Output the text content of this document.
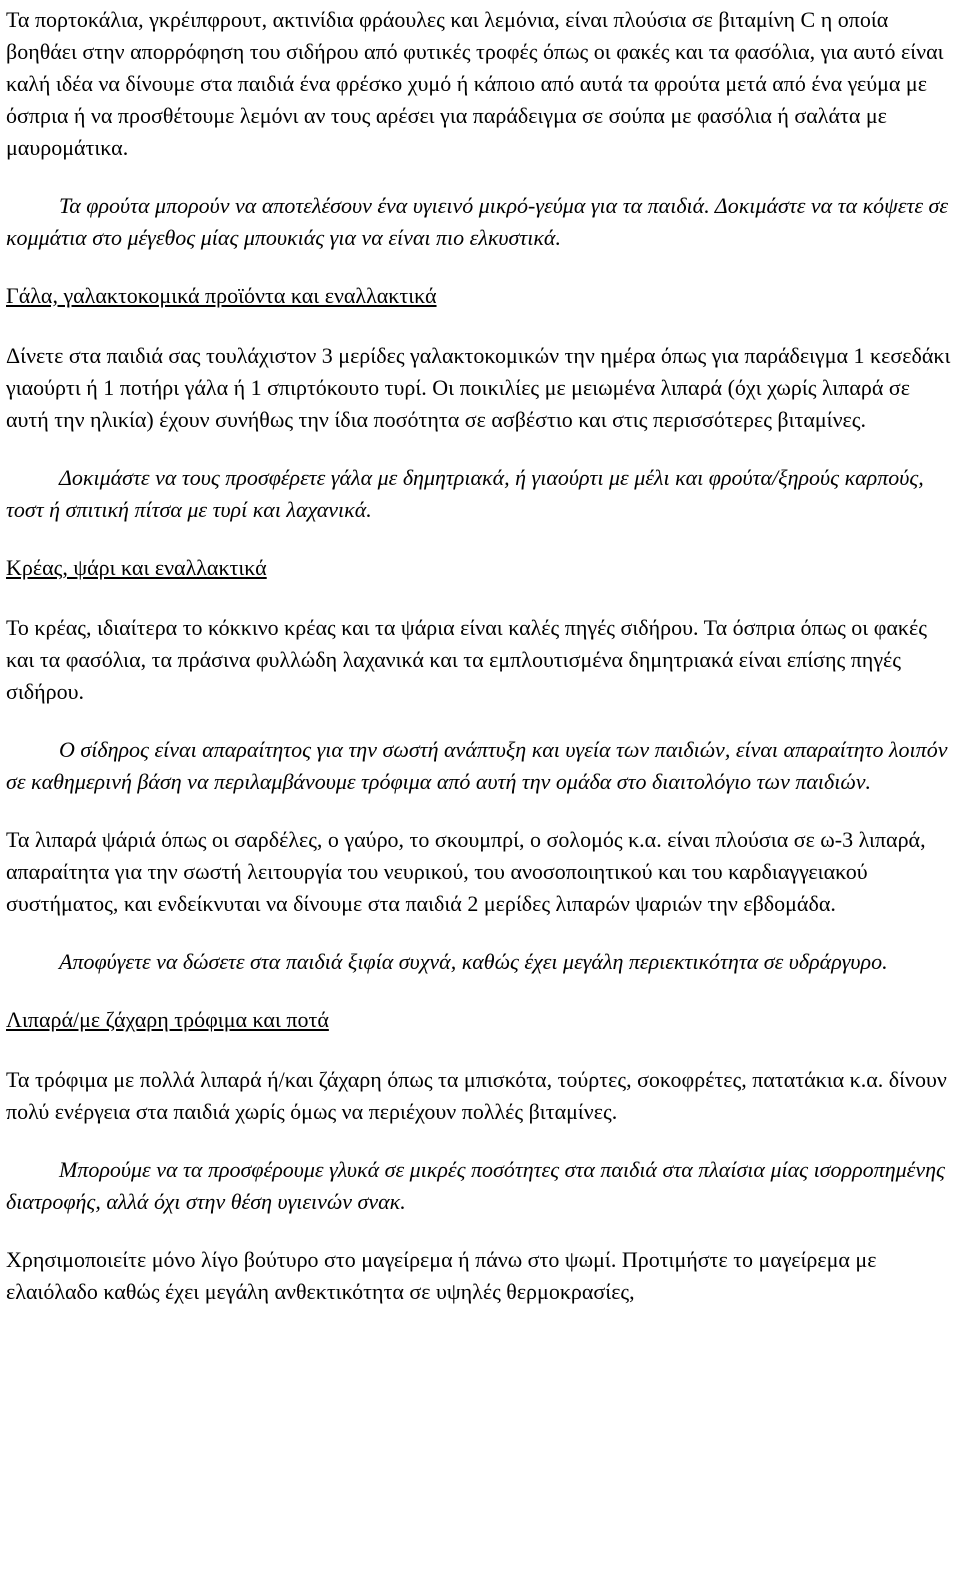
Τα πορτοκάλια, γκρέιπφρουτ, ακτινίδια φράουλες και λεμόνια, είναι πλούσια σε βιταμίνη C η οποία βοηθάει στην απορρόφηση του σιδήρου από φυτικές τροφές όπως οι φακές και τα φασόλια, για αυτό είναι καλή ιδέα να δίνουμε στα παιδιά ένα φρέσκο χυμό ή κάποιο από αυτά τα φρούτα μετά από ένα γεύμα με όσπρια ή να προσθέτουμε λεμόνι αν τους αρέσει για παράδειγμα σε σούπα με φασόλια ή σαλάτα με μαυρομάτικα.

Τα φρούτα μπορούν να αποτελέσουν ένα υγιεινό μικρό-γεύμα για τα παιδιά. Δοκιμάστε να τα κόψετε σε κομμάτια στο μέγεθος μίας μπουκιάς για να είναι πιο ελκυστικά.

Γάλα, γαλακτοκομικά προϊόντα και εναλλακτικά

Δίνετε στα παιδιά σας τουλάχιστον 3 μερίδες γαλακτοκομικών την ημέρα όπως για παράδειγμα 1 κεσεδάκι γιαούρτι ή 1 ποτήρι γάλα ή 1 σπιρτόκουτο τυρί. Οι ποικιλίες με μειωμένα λιπαρά (όχι χωρίς λιπαρά σε αυτή την ηλικία) έχουν συνήθως την ίδια ποσότητα σε ασβέστιο και στις περισσότερες βιταμίνες.

Δοκιμάστε να τους προσφέρετε γάλα με δημητριακά, ή γιαούρτι με μέλι και φρούτα/ξηρούς καρπούς, τοστ ή σπιτική πίτσα με τυρί και λαχανικά.

Κρέας, ψάρι και εναλλακτικά

Το κρέας, ιδιαίτερα το κόκκινο κρέας και τα ψάρια είναι καλές πηγές σιδήρου. Τα όσπρια όπως οι φακές και τα φασόλια, τα πράσινα φυλλώδη λαχανικά και τα εμπλουτισμένα δημητριακά είναι επίσης πηγές σιδήρου.

Ο σίδηρος είναι απαραίτητος για την σωστή ανάπτυξη και υγεία των παιδιών, είναι απαραίτητο λοιπόν σε καθημερινή βάση να περιλαμβάνουμε τρόφιμα από αυτή την ομάδα στο διαιτολόγιο των παιδιών.

Τα λιπαρά ψάριά όπως οι σαρδέλες, ο γαύρο, το σκουμπρί, ο σολομός κ.α. είναι πλούσια σε ω-3 λιπαρά, απαραίτητα για την σωστή λειτουργία του νευρικού, του ανοσοποιητικού και του καρδιαγγειακού συστήματος, και ενδείκνυται να δίνουμε στα παιδιά 2 μερίδες λιπαρών ψαριών την εβδομάδα.

Αποφύγετε να δώσετε στα παιδιά ξιφία συχνά, καθώς έχει μεγάλη περιεκτικότητα σε υδράργυρο.

Λιπαρά/με ζάχαρη τρόφιμα και ποτά

Τα τρόφιμα με πολλά λιπαρά ή/και ζάχαρη όπως τα μπισκότα, τούρτες, σοκοφρέτες, πατατάκια κ.α. δίνουν πολύ ενέργεια στα παιδιά χωρίς όμως να περιέχουν πολλές βιταμίνες.

Μπορούμε να τα προσφέρουμε γλυκά σε μικρές ποσότητες στα παιδιά στα πλαίσια μίας ισορροπημένης διατροφής, αλλά όχι στην θέση υγιεινών σνακ.

Χρησιμοποιείτε μόνο λίγο βούτυρο στο μαγείρεμα ή πάνω στο ψωμί. Προτιμήστε το μαγείρεμα με ελαιόλαδο καθώς έχει μεγάλη ανθεκτικότητα σε υψηλές θερμοκρασίες,
